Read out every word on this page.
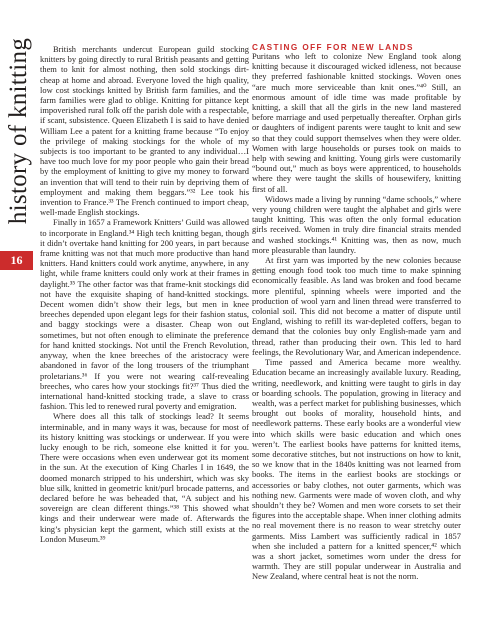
history of knitting
16

British merchants undercut European guild stocking knitters by going directly to rural British peasants and getting them to knit for almost nothing, then sold stockings dirt-cheap at home and abroad. Everyone loved the high quality, low cost stockings knitted by British farm families, and the farm families were glad to oblige. Knitting for pittance kept impoverished rural folk off the parish dole with a respectable, if scant, subsistence. Queen Elizabeth I is said to have denied William Lee a patent for a knitting frame because “To enjoy the privilege of making stockings for the whole of my subjects is too important to be granted to any individual…I have too much love for my poor people who gain their bread by the employment of knitting to give my money to forward an invention that will tend to their ruin by depriving them of employment and making them beggars.”³² Lee took his invention to France.³³ The French continued to import cheap, well-made English stockings.

Finally in 1657 a Framework Knitters’ Guild was allowed to incorporate in England.³⁴ High tech knitting began, though it didn’t overtake hand knitting for 200 years, in part because frame knitting was not that much more productive than hand knitters. Hand knitters could work anytime, anywhere, in any light, while frame knitters could only work at their frames in daylight.³⁵ The other factor was that frame-knit stockings did not have the exquisite shaping of hand-knitted stockings. Decent women didn’t show their legs, but men in knee breeches depended upon elegant legs for their fashion status, and baggy stockings were a disaster. Cheap won out sometimes, but not often enough to eliminate the preference for hand knitted stockings. Not until the French Revolution, anyway, when the knee breeches of the aristocracy were abandoned in favor of the long trousers of the triumphant proletarians.³⁶ If you were not wearing calf-revealing breeches, who cares how your stockings fit?³⁷ Thus died the international hand-knitted stocking trade, a slave to crass fashion. This led to renewed rural poverty and emigration.

Where does all this talk of stockings lead? It seems interminable, and in many ways it was, because for most of its history knitting was stockings or underwear. If you were lucky enough to be rich, someone else knitted it for you. There were occasions when even underwear got its moment in the sun. At the execution of King Charles I in 1649, the doomed monarch stripped to his undershirt, which was sky blue silk, knitted in geometric knit/purl brocade patterns, and declared before he was beheaded that, “A subject and his sovereign are clean different things.”³⁸ This showed what kings and their underwear were made of. Afterwards the king’s physician kept the garment, which still exists at the London Museum.³⁹

CASTING OFF FOR NEW LANDS

Puritans who left to colonize New England took along knitting because it discouraged wicked idleness, not because they preferred fashionable knitted stockings. Woven ones “are much more serviceable than knit ones.”⁴⁰ Still, an enormous amount of idle time was made profitable by knitting, a skill that all the girls in the new land mastered before marriage and used perpetually thereafter. Orphan girls or daughters of indigent parents were taught to knit and sew so that they could support themselves when they were older. Women with large households or purses took on maids to help with sewing and knitting. Young girls were customarily “bound out,” much as boys were apprenticed, to households where they were taught the skills of housewifery, knitting first of all.

Widows made a living by running “dame schools,” where very young children were taught the alphabet and girls were taught knitting. This was often the only formal education girls received. Women in truly dire financial straits mended and washed stockings.⁴¹ Knitting was, then as now, much more pleasurable than laundry.

At first yarn was imported by the new colonies because getting enough food took too much time to make spinning economically feasible. As land was broken and food became more plentiful, spinning wheels were imported and the production of wool yarn and linen thread were transferred to colonial soil. This did not become a matter of dispute until England, wishing to refill its war-depleted coffers, began to demand that the colonies buy only English-made yarn and thread, rather than producing their own. This led to hard feelings, the Revolutionary War, and American independence.

Time passed and America became more wealthy. Education became an increasingly available luxury. Reading, writing, needlework, and knitting were taught to girls in day or boarding schools. The population, growing in literacy and wealth, was a perfect market for publishing businesses, which brought out books of morality, household hints, and needlework patterns. These early books are a wonderful view into which skills were basic education and which ones weren’t. The earliest books have patterns for knitted items, some decorative stitches, but not instructions on how to knit, so we know that in the 1840s knitting was not learned from books. The items in the earliest books are stockings or accessories or baby clothes, not outer garments, which was nothing new. Garments were made of woven cloth, and why shouldn’t they be? Women and men wore corsets to set their figures into the acceptable shape. When inner clothing admits no real movement there is no reason to wear stretchy outer garments. Miss Lambert was sufficiently radical in 1857 when she included a pattern for a knitted spencer,⁴² which was a short jacket, sometimes worn under the dress for warmth. They are still popular underwear in Australia and New Zealand, where central heat is not the norm.
